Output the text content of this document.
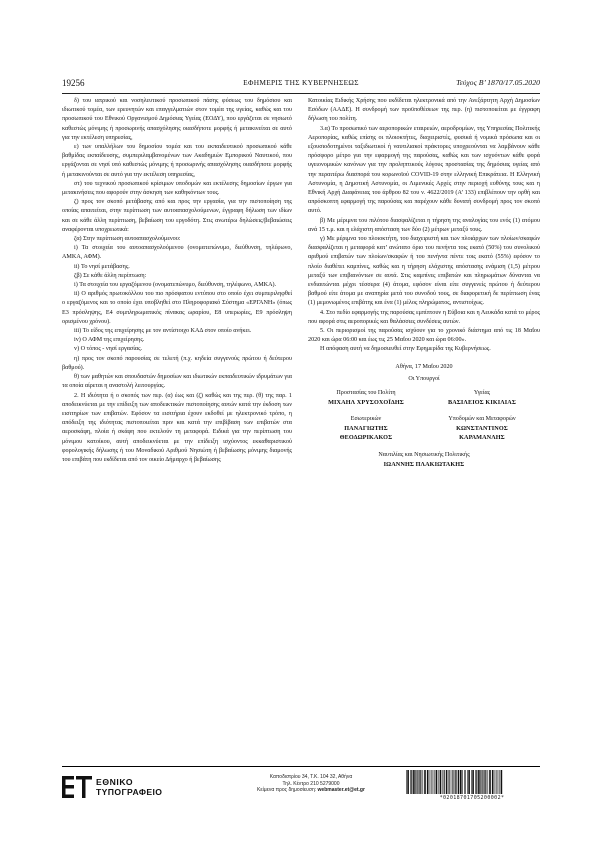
19256	ΕΦΗΜΕΡΙΣ ΤΗΣ ΚΥΒΕΡΝΗΣΕΩΣ	Τεύχος Β’ 1870/17.05.2020

δ) του ιατρικού και νοσηλευτικού προσωπικού πάσης φύσεως του δημόσιου και ιδιωτικού τομέα, των ερευνητών και επαγγελματιών στον τομέα της υγείας, καθώς και του προσωπικού του Εθνικού Οργανισμού Δημόσιας Υγείας (ΕΟΔΥ), που εργάζεται σε νησιωτό καθεστώς μόνιμης ή προσωρινής απασχόλησης οιασδήποτε μορφής ή μετακινείται σε αυτό για την εκτέλεση υπηρεσίας,

ε) των υπαλλήλων του δημοσίου τομέα και του εκπαιδευτικού προσωπικού κάθε βαθμίδας εκπαίδευσης, συμπεριλαμβανομένων των Ακαδημιών Εμπορικού Ναυτικού, που εργάζονται σε νησί υπό καθεστώς μόνιμης ή προσωρινής απασχόλησης οιασδήποτε μορφής ή μετακινούνται σε αυτό για την εκτέλεση υπηρεσίας,

στ) του τεχνικού προσωπικού κρίσιμων υποδομών και εκτέλεσης δημοσίων έργων για μετακινήσεις που αφορούν στην άσκηση των καθηκόντων τους.

ζ) προς τον σκοπό μετάβασης από και προς την εργασία, για την πιστοποίηση της οποίας απαιτείται, στην περίπτωση των αυτοαπασχολούμενων, έγγραφη δήλωση των ιδίων και σε κάθε άλλη περίπτωση, βεβαίωση του εργοδότη. Στις ανωτέρω δηλώσεις/βεβαιώσεις αναφέρονται υποχρεωτικά:

ζα) Στην περίπτωση αυτοαπασχολούμενου:

i) Τα στοιχεία του αυτοαπασχολούμενου (ονοματεπώνυμο, διεύθυνση, τηλέφωνο, ΑΜΚΑ, ΑΦΜ).

ii) Το νησί μετάβασης.

ζβ) Σε κάθε άλλη περίπτωση:

i) Τα στοιχεία του εργαζόμενου (ονοματεπώνυμο, διεύθυνση, τηλέφωνο, ΑΜΚΑ).

ii) Ο αριθμός πρωτοκόλλου του πιο πρόσφατου εντύπου στο οποίο έχει συμπεριληφθεί ο εργαζόμενος και το οποίο έχει υποβληθεί στο Πληροφοριακό Σύστημα «ΕΡΓΑΝΗ» (όπως Ε3 πρόσληψης, Ε4 συμπληρωματικός πίνακας ωραρίου, Ε8 υπερωρίες, Ε9 πρόσληψη ορισμένου χρόνου).

iii) Το είδος της επιχείρησης με τον αντίστοιχο ΚΑΔ στον οποίο ανήκει.

iv) Ο ΑΦΜ της επιχείρησης.

v) Ο τόπος - νησί εργασίας.

η) προς τον σκοπό παρουσίας σε τελετή (π.χ. κηδεία συγγενούς πρώτου ή δεύτερου βαθμού).

θ) των μαθητών και σπουδαστών δημοσίων και ιδιωτικών εκπαιδευτικών ιδρυμάτων για τα οποία αίρεται η αναστολή λειτουργίας.

2. Η ιδιότητα ή ο σκοπός των περ. (α) έως και (ζ) καθώς και της περ. (θ) της παρ. 1 αποδεικνύεται με την επίδειξη των αποδεικτικών πιστοποίησης αυτών κατά την έκδοση των εισιτηρίων των επιβατών. Εφόσον τα εισιτήρια έχουν εκδοθεί με ηλεκτρονικό τρόπο, η απόδειξη της ιδιότητας πιστοποιείται πριν και κατά την επιβίβαση των επιβατών στα αεροσκάφη, πλοία ή σκάφη που εκτελούν τη μεταφορά. Ειδικά για την περίπτωση του μόνιμου κατοίκου, αυτή αποδεικνύεται με την επίδειξη ισχύοντος εκκαθαριστικού φορολογικής δήλωσης ή του Μοναδικού Αριθμού Νησιώτη ή βεβαίωσης μόνιμης διαμονής του επιβάτη που εκδίδεται από τον οικείο Δήμαρχο ή βεβαίωσης

Κατοικίας Ειδικής Χρήσης που εκδίδεται ηλεκτρονικά από την Ανεξάρτητη Αρχή Δημοσίων Εσόδων (ΑΑΔΕ). Η συνδρομή των προϋποθέσεων της περ. (η) πιστοποιείται με έγγραφη δήλωση του πολίτη.

3.α) Το προσωπικό των αεροπορικών εταιρειών, αεροδρομίων, της Υπηρεσίας Πολιτικής Αεροπορίας, καθώς επίσης οι πλοιοκτήτες, διαχειριστές, φυσικά ή νομικά πρόσωπα και οι εξουσιοδοτημένοι ταξιδιωτικοί ή ναυτιλιακοί πράκτορες υποχρεούνται να λαμβάνουν κάθε πρόσφορο μέτρο για την εφαρμογή της παρούσας, καθώς και των ισχυόντων κάθε φορά υγειονομικών κανόνων για την προληπτικούς λόγους προστασίας της δημόσιας υγείας από την περαιτέρω διασπορά του κορωνοϊού COVID-19 στην ελληνική Επικράτεια. Η Ελληνική Αστυνομία, η Δημοτική Αστυνομία, οι Λιμενικές Αρχές στην περιοχή ευθύνης τους και η Εθνική Αρχή Διαφάνειας του άρθρου 82 του ν. 4622/2019 (Α’ 133) επιβλέπουν την ορθή και απρόσκοπτη εφαρμογή της παρούσας και παρέχουν κάθε δυνατή συνδρομή προς τον σκοπό αυτό.

β) Με μέριμνα του πιλότου διασφαλίζεται η τήρηση της αναλογίας του ενός (1) ατόμου ανά 15 τ.μ. και η ελάχιστη απόσταση των δύο (2) μέτρων μεταξύ τους.

γ) Με μέριμνα του πλοιοκτήτη, του διαχειριστή και των πλοιάρχων των πλοίων/σκαφών διασφαλίζεται η μεταφορά κατ’ ανώτατο όριο του πενήντα τοις εκατό (50%) του συνολικού αριθμού επιβατών των πλοίων/σκαφών ή του πενήντα πέντε τοις εκατό (55%) εφόσον το πλοίο διαθέτει καμπίνες, καθώς και η τήρηση ελάχιστης απόστασης ενάμιση (1,5) μέτρου μεταξύ των επιβαινόντων σε αυτά. Στις καμπίνες επιβατών και πληρωμάτων δύνανται να ενδιαιτώνται μέχρι τέσσερα (4) άτομα, εφόσον είναι είτε συγγενείς πρώτου ή δεύτερου βαθμού είτε άτομα με αναπηρία μετά του συνοδού τους, σε διαφορετική δε περίπτωση ένας (1) μεμονωμένος επιβάτης και ένα (1) μέλος πληρώματος, αντιστοίχως.

4. Στο πεδίο εφαρμογής της παρούσας εμπίπτουν η Εύβοια και η Λευκάδα κατά το μέρος που αφορά στις αεροπορικές και θαλάσσιες συνδέσεις αυτών.

5. Οι περιορισμοί της παρούσας ισχύουν για το χρονικό διάστημα από τις 18 Μαΐου 2020 και ώρα 06:00 και έως τις 25 Μαΐου 2020 και ώρα 06:00».

Η απόφαση αυτή να δημοσιευθεί στην Εφημερίδα της Κυβερνήσεως.

Αθήνα, 17 Μαΐου 2020
Οι Υπουργοί
Προστασίας του Πολίτη
ΜΙΧΑΗΛ ΧΡΥΣΟΧΟΪΔΗΣ
Υγείας
ΒΑΣΙΛΕΙΟΣ ΚΙΚΙΛΙΑΣ
Εσωτερικών
ΠΑΝΑΓΙΩΤΗΣ
ΘΕΟΔΩΡΙΚΑΚΟΣ
Υποδομών και Μεταφορών
ΚΩΝΣΤΑΝΤΙΝΟΣ
ΚΑΡΑΜΑΝΛΗΣ
Ναυτιλίας και Νησιωτικής Πολιτικής
ΙΩΑΝΝΗΣ ΠΛΑΚΙΩΤΑΚΗΣ
ΕΘΝΙΚΟ
ΤΥΠΟΓΡΑΦΕΙΟ
Καποδιστρίου 34, Τ.Κ. 104 32, Αθήνα
Τηλ. Κέντρο 210 5279000
Κείμενα προς δημοσίευση: webmaster.et@et.gr
*02018701705200002*
